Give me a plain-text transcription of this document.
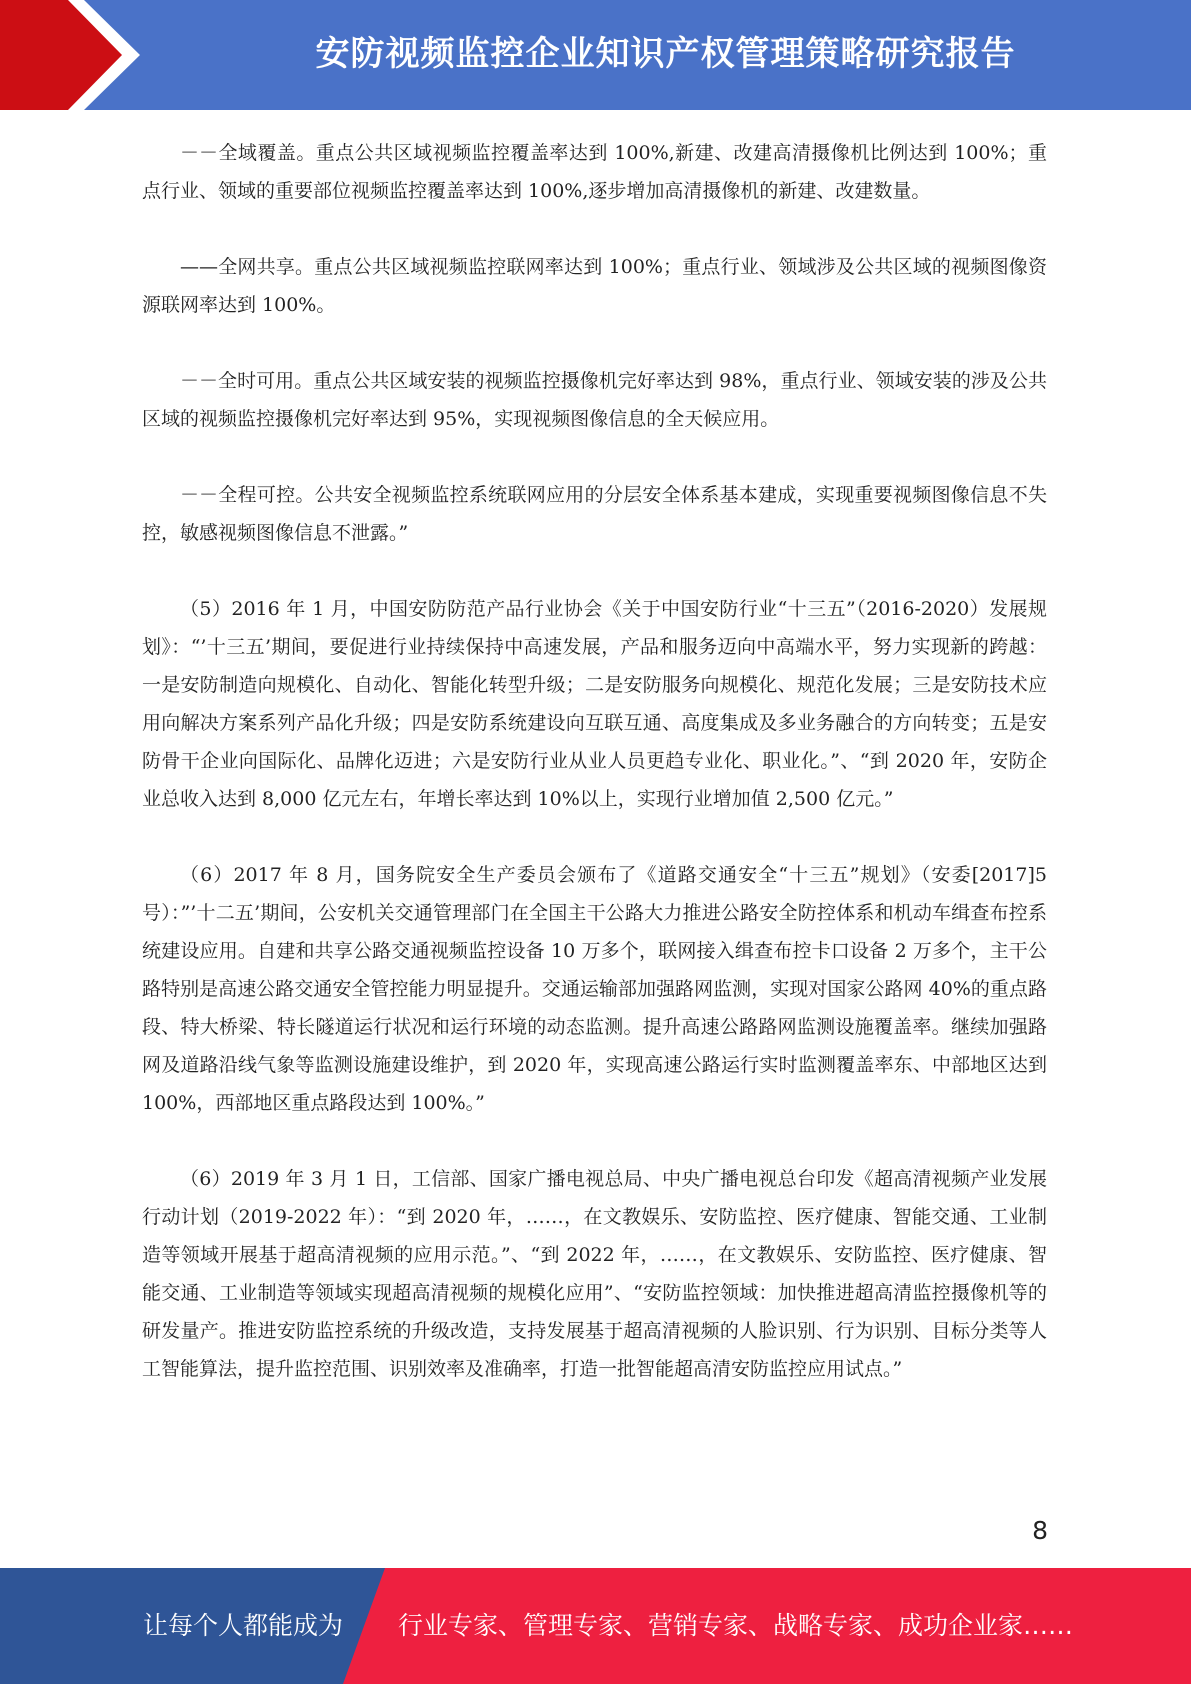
安防视频监控企业知识产权管理策略研究报告

－－全域覆盖。重点公共区域视频监控覆盖率达到 100%,新建、改建高清摄像机比例达到 100%；重点行业、领域的重要部位视频监控覆盖率达到 100%,逐步增加高清摄像机的新建、改建数量。

——全网共享。重点公共区域视频监控联网率达到 100%；重点行业、领域涉及公共区域的视频图像资源联网率达到 100%。

－－全时可用。重点公共区域安装的视频监控摄像机完好率达到 98%，重点行业、领域安装的涉及公共区域的视频监控摄像机完好率达到 95%，实现视频图像信息的全天候应用。

－－全程可控。公共安全视频监控系统联网应用的分层安全体系基本建成，实现重要视频图像信息不失控，敏感视频图像信息不泄露。”

（5）2016 年 1 月，中国安防防范产品行业协会《关于中国安防行业“十三五”（2016-2020）发展规划》：“’十三五’期间，要促进行业持续保持中高速发展，产品和服务迈向中高端水平，努力实现新的跨越：一是安防制造向规模化、自动化、智能化转型升级；二是安防服务向规模化、规范化发展；三是安防技术应用向解决方案系列产品化升级；四是安防系统建设向互联互通、高度集成及多业务融合的方向转变；五是安防骨干企业向国际化、品牌化迈进；六是安防行业从业人员更趋专业化、职业化。”、“到 2020 年，安防企业总收入达到 8,000 亿元左右，年增长率达到 10%以上，实现行业增加值 2,500 亿元。”

（6）2017 年 8 月，国务院安全生产委员会颁布了《道路交通安全“十三五”规划》（安委[2017]5 号）：”’十二五’期间，公安机关交通管理部门在全国主干公路大力推进公路安全防控体系和机动车缉查布控系统建设应用。自建和共享公路交通视频监控设备 10 万多个，联网接入缉查布控卡口设备 2 万多个，主干公路特别是高速公路交通安全管控能力明显提升。交通运输部加强路网监测，实现对国家公路网 40%的重点路段、特大桥梁、特长隧道运行状况和运行环境的动态监测。提升高速公路路网监测设施覆盖率。继续加强路网及道路沿线气象等监测设施建设维护，到 2020 年，实现高速公路运行实时监测覆盖率东、中部地区达到 100%，西部地区重点路段达到 100%。”

（6）2019 年 3 月 1 日，工信部、国家广播电视总局、中央广播电视总台印发《超高清视频产业发展行动计划（2019-2022 年）：“到 2020 年，……，在文教娱乐、安防监控、医疗健康、智能交通、工业制造等领域开展基于超高清视频的应用示范。”、“到 2022 年，……，在文教娱乐、安防监控、医疗健康、智能交通、工业制造等领域实现超高清视频的规模化应用”、“安防监控领域：加快推进超高清监控摄像机等的研发量产。推进安防监控系统的升级改造，支持发展基于超高清视频的人脸识别、行为识别、目标分类等人工智能算法，提升监控范围、识别效率及准确率，打造一批智能超高清安防监控应用试点。”

8
让每个人都能成为 行业专家、管理专家、营销专家、战略专家、成功企业家……
